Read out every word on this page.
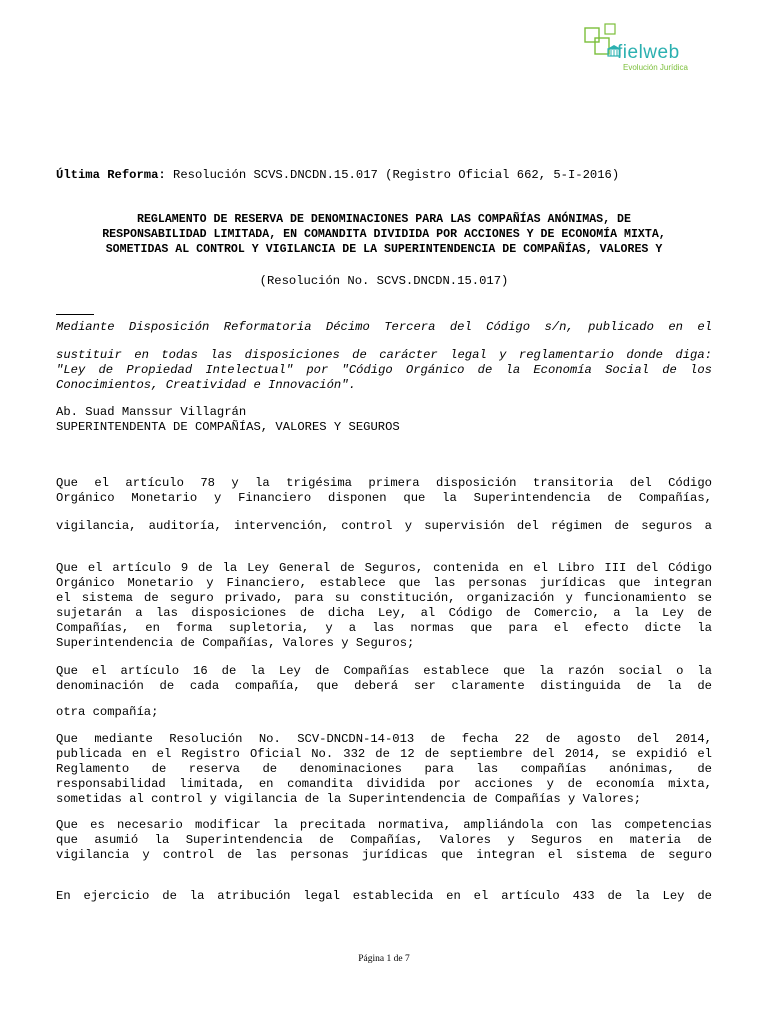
fielweb
Evolución Jurídica
Última Reforma: Resolución SCVS.DNCDN.15.017 (Registro Oficial 662, 5-I-2016)
REGLAMENTO DE RESERVA DE DENOMINACIONES PARA LAS COMPAÑÍAS ANÓNIMAS, DE
RESPONSABILIDAD LIMITADA, EN COMANDITA DIVIDIDA POR ACCIONES Y DE ECONOMÍA MIXTA,
SOMETIDAS AL CONTROL Y VIGILANCIA DE LA SUPERINTENDENCIA DE COMPAÑÍAS, VALORES Y
(Resolución No. SCVS.DNCDN.15.017)
Mediante Disposición Reformatoria Décimo Tercera del Código s/n, publicado en el
sustituir en todas las disposiciones de carácter legal y reglamentario donde diga:
"Ley de Propiedad Intelectual" por "Código Orgánico de la Economía Social de los
Conocimientos, Creatividad e Innovación".
Ab. Suad Manssur Villagrán
SUPERINTENDENTA DE COMPAÑÍAS, VALORES Y SEGUROS
Que el artículo 78 y la trigésima primera disposición transitoria del Código
Orgánico Monetario y Financiero disponen que la Superintendencia de Compañías,
vigilancia, auditoría, intervención, control y supervisión del régimen de seguros a
Que el artículo 9 de la Ley General de Seguros, contenida en el Libro III del Código
Orgánico Monetario y Financiero, establece que las personas jurídicas que integran
el sistema de seguro privado, para su constitución, organización y funcionamiento se
sujetarán a las disposiciones de dicha Ley, al Código de Comercio, a la Ley de
Compañías, en forma supletoria, y a las normas que para el efecto dicte la
Superintendencia de Compañías, Valores y Seguros;
Que el artículo 16 de la Ley de Compañías establece que la razón social o la
denominación de cada compañía, que deberá ser claramente distinguida de la de
otra compañía;
Que mediante Resolución No. SCV-DNCDN-14-013 de fecha 22 de agosto del 2014,
publicada en el Registro Oficial No. 332 de 12 de septiembre del 2014, se expidió el
Reglamento de reserva de denominaciones para las compañías anónimas, de
responsabilidad limitada, en comandita dividida por acciones y de economía mixta,
sometidas al control y vigilancia de la Superintendencia de Compañías y Valores;
Que es necesario modificar la precitada normativa, ampliándola con las competencias
que asumió la Superintendencia de Compañías, Valores y Seguros en materia de
vigilancia y control de las personas jurídicas que integran el sistema de seguro
En ejercicio de la atribución legal establecida en el artículo 433 de la Ley de
Página 1 de 7
